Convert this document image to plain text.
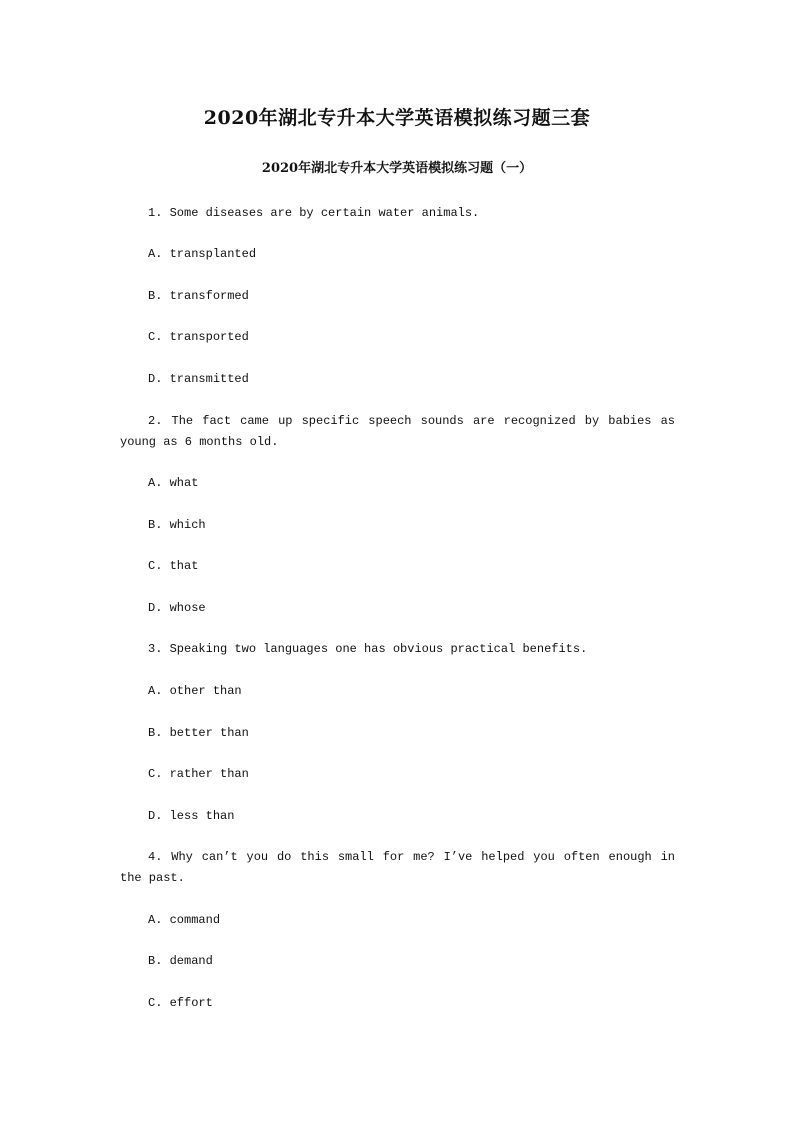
2020年湖北专升本大学英语模拟练习题三套
2020年湖北专升本大学英语模拟练习题（一）
1. Some diseases are by certain water animals.
A. transplanted
B. transformed
C. transported
D. transmitted
2. The fact came up specific speech sounds are recognized by babies as
young as 6 months old.
A. what
B. which
C. that
D. whose
3. Speaking two languages one has obvious practical benefits.
A. other than
B. better than
C. rather than
D. less than
4. Why can’t you do this small for me? I’ve helped you often enough in
the past.
A. command
B. demand
C. effort
